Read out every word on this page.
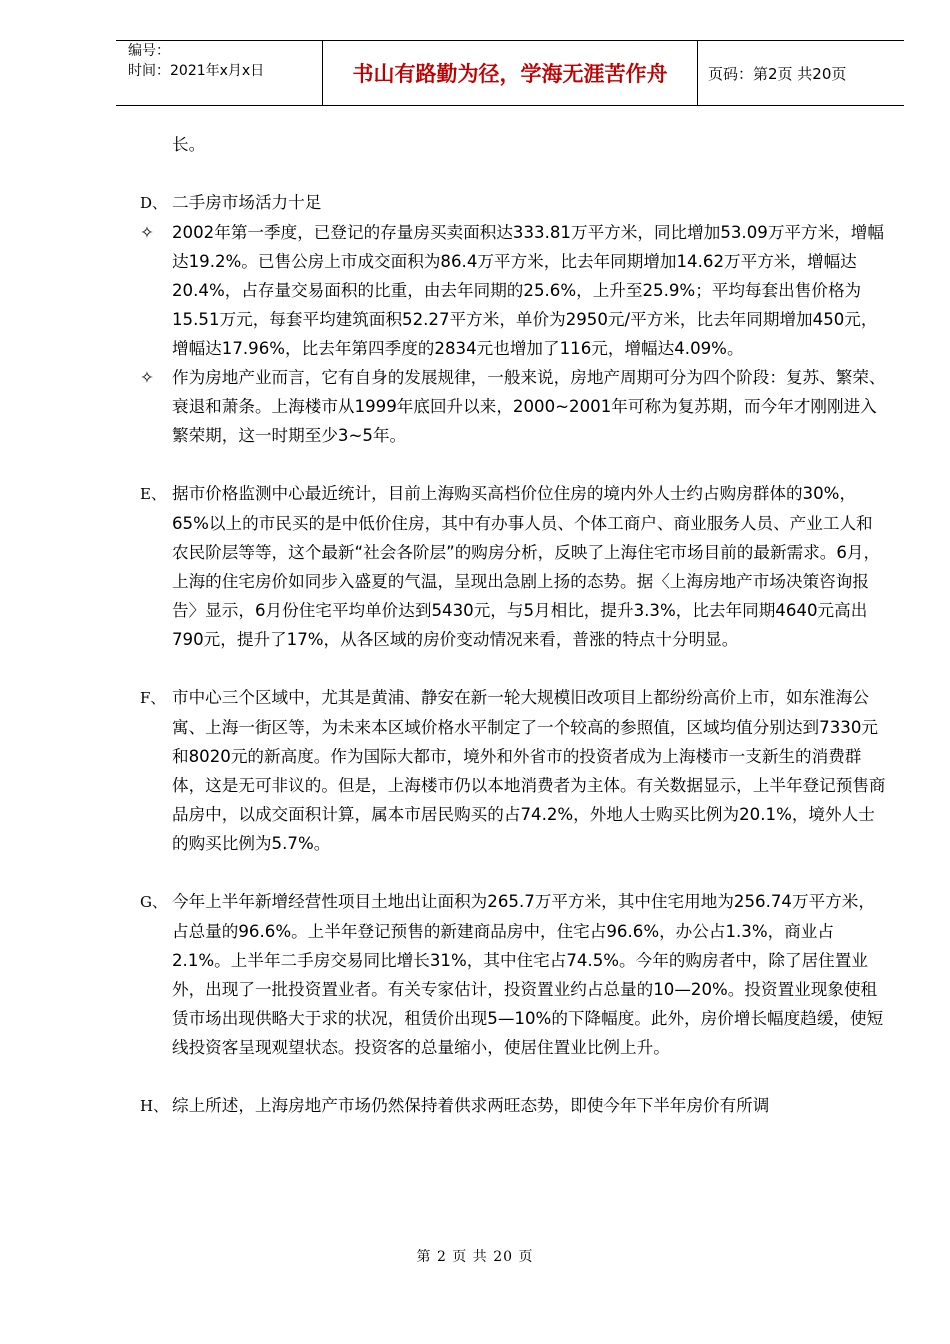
编号：
时间：2021年x月x日	书山有路勤为径，学海无涯苦作舟	页码：第2页 共20页

长。

D、 二手房市场活力十足

✧ 2002年第一季度，已登记的存量房买卖面积达333.81万平方米，同比增加53.09万平方米，增幅达19.2%。已售公房上市成交面积为86.4万平方米，比去年同期增加14.62万平方米，增幅达20.4%，占存量交易面积的比重，由去年同期的25.6%，上升至25.9%；平均每套出售价格为15.51万元，每套平均建筑面积52.27平方米，单价为2950元/平方米，比去年同期增加450元，增幅达17.96%，比去年第四季度的2834元也增加了116元，增幅达4.09%。

✧ 作为房地产业而言，它有自身的发展规律，一般来说，房地产周期可分为四个阶段：复苏、繁荣、衰退和萧条。上海楼市从1999年底回升以来，2000~2001年可称为复苏期，而今年才刚刚进入繁荣期，这一时期至少3~5年。

E、 据市价格监测中心最近统计，目前上海购买高档价位住房的境内外人士约占购房群体的30%，65%以上的市民买的是中低价住房，其中有办事人员、个体工商户、商业服务人员、产业工人和农民阶层等等，这个最新“社会各阶层”的购房分析，反映了上海住宅市场目前的最新需求。6月，上海的住宅房价如同步入盛夏的气温，呈现出急剧上扬的态势。据〈上海房地产市场决策咨询报告〉显示，6月份住宅平均单价达到5430元，与5月相比，提升3.3%，比去年同期4640元高出790元，提升了17%，从各区域的房价变动情况来看，普涨的特点十分明显。

F、 市中心三个区域中，尤其是黄浦、静安在新一轮大规模旧改项目上都纷纷高价上市，如东淮海公寓、上海一街区等，为未来本区域价格水平制定了一个较高的参照值，区域均值分别达到7330元和8020元的新高度。作为国际大都市，境外和外省市的投资者成为上海楼市一支新生的消费群体，这是无可非议的。但是，上海楼市仍以本地消费者为主体。有关数据显示，上半年登记预售商品房中，以成交面积计算，属本市居民购买的占74.2%，外地人士购买比例为20.1%，境外人士的购买比例为5.7%。

G、 今年上半年新增经营性项目土地出让面积为265.7万平方米，其中住宅用地为256.74万平方米，占总量的96.6%。上半年登记预售的新建商品房中，住宅占96.6%，办公占1.3%，商业占2.1%。上半年二手房交易同比增长31%，其中住宅占74.5%。今年的购房者中，除了居住置业外，出现了一批投资置业者。有关专家估计，投资置业约占总量的10—20%。投资置业现象使租赁市场出现供略大于求的状况，租赁价出现5—10%的下降幅度。此外，房价增长幅度趋缓，使短线投资客呈现观望状态。投资客的总量缩小，使居住置业比例上升。

H、 综上所述，上海房地产市场仍然保持着供求两旺态势，即使今年下半年房价有所调

第 2 页 共 20 页
